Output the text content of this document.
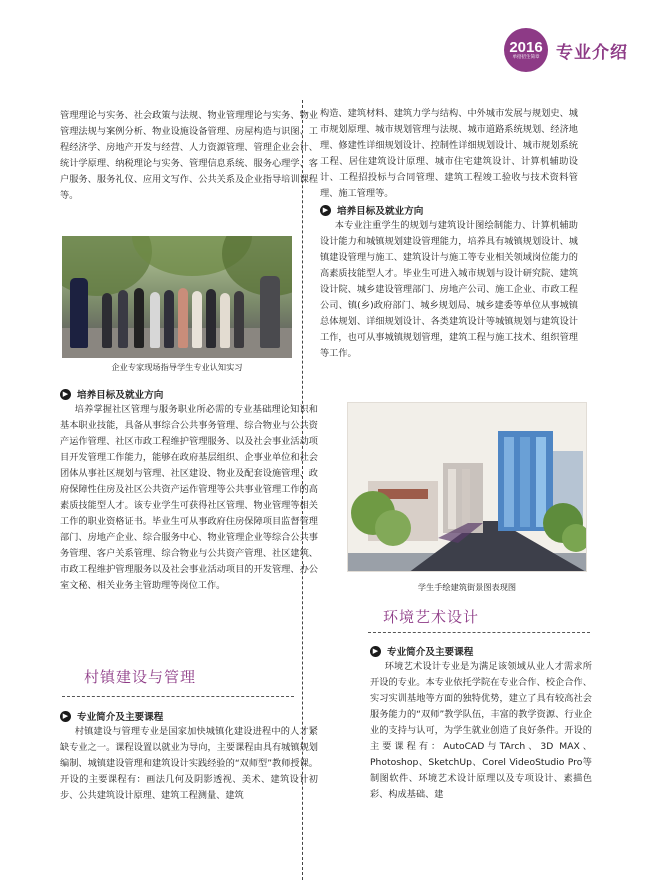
2016
单招招生简章 专业介绍

管理理论与实务、社会政策与法规、物业管理理论与实务、物业管理法规与案例分析、物业设施设备管理、房屋构造与识图、工程经济学、房地产开发与经营、人力资源管理、管理企业会计、统计学原理、纳税理论与实务、管理信息系统、服务心理学、客户服务、服务礼仪、应用文写作、公共关系及企业指导培训课程等。

企业专家现场指导学生专业认知实习
▶ 培养目标及就业方向

培养掌握社区管理与服务职业所必需的专业基础理论知识和基本职业技能，具备从事综合公共事务管理、综合物业与公共资产运作管理、社区市政工程维护管理服务、以及社会事业活动项目开发管理工作能力，能够在政府基层组织、企事业单位和社会团体从事社区规划与管理、社区建设、物业及配套设施管理、政府保障性住房及社区公共资产运作管理等公共事业管理工作的高素质技能型人才。该专业学生可获得社区管理、物业管理等相关工作的职业资格证书。毕业生可从事政府住房保障项目监督管理部门、房地产企业、综合服务中心、物业管理企业等综合公共事务管理、客户关系管理、综合物业与公共资产管理、社区建筑、市政工程维护管理服务以及社会事业活动项目的开发管理、办公室文秘、相关业务主管助理等岗位工作。

村镇建设与管理
▶ 专业简介及主要课程

村镇建设与管理专业是国家加快城镇化建设进程中的人才紧缺专业之一。课程设置以就业为导向，主要课程由具有城镇规划编制、城镇建设管理和建筑设计实践经验的“双师型”教师授课。开设的主要课程有：画法几何及阴影透视、美术、建筑设计初步、公共建筑设计原理、建筑工程测量、建筑

构造、建筑材料、建筑力学与结构、中外城市发展与规划史、城市规划原理、城市规划管理与法规、城市道路系统规划、经济地理、修建性详细规划设计、控制性详细规划设计、城市规划系统工程、居住建筑设计原理、城市住宅建筑设计、计算机辅助设计、工程招投标与合同管理、建筑工程竣工验收与技术资料管理、施工管理等。

▶ 培养目标及就业方向

本专业注重学生的规划与建筑设计图绘制能力、计算机辅助设计能力和城镇规划建设管理能力，培养具有城镇规划设计、城镇建设管理与施工、建筑设计与施工等专业相关领域岗位能力的高素质技能型人才。毕业生可进入城市规划与设计研究院、建筑设计院、城乡建设管理部门、房地产公司、施工企业、市政工程公司、镇(乡)政府部门、城乡规划局、城乡建委等单位从事城镇总体规划、详细规划设计、各类建筑设计等城镇规划与建筑设计工作，也可从事城镇规划管理，建筑工程与施工技术、组织管理等工作。

学生手绘建筑街景图表现图
环境艺术设计
▶ 专业简介及主要课程

环境艺术设计专业是为满足该领域从业人才需求所开设的专业。本专业依托学院在专业合作、校企合作、实习实训基地等方面的独特优势，建立了具有较高社会服务能力的“双师”教学队伍，丰富的教学资源、行业企业的支持与认可，为学生就业创造了良好条件。开设的主要课程有：AutoCAD与TArch、3D MAX、Photoshop、SketchUp、Corel VideoStudio Pro等制图软件、环境艺术设计原理以及专项设计、素描色彩、构成基础、建
